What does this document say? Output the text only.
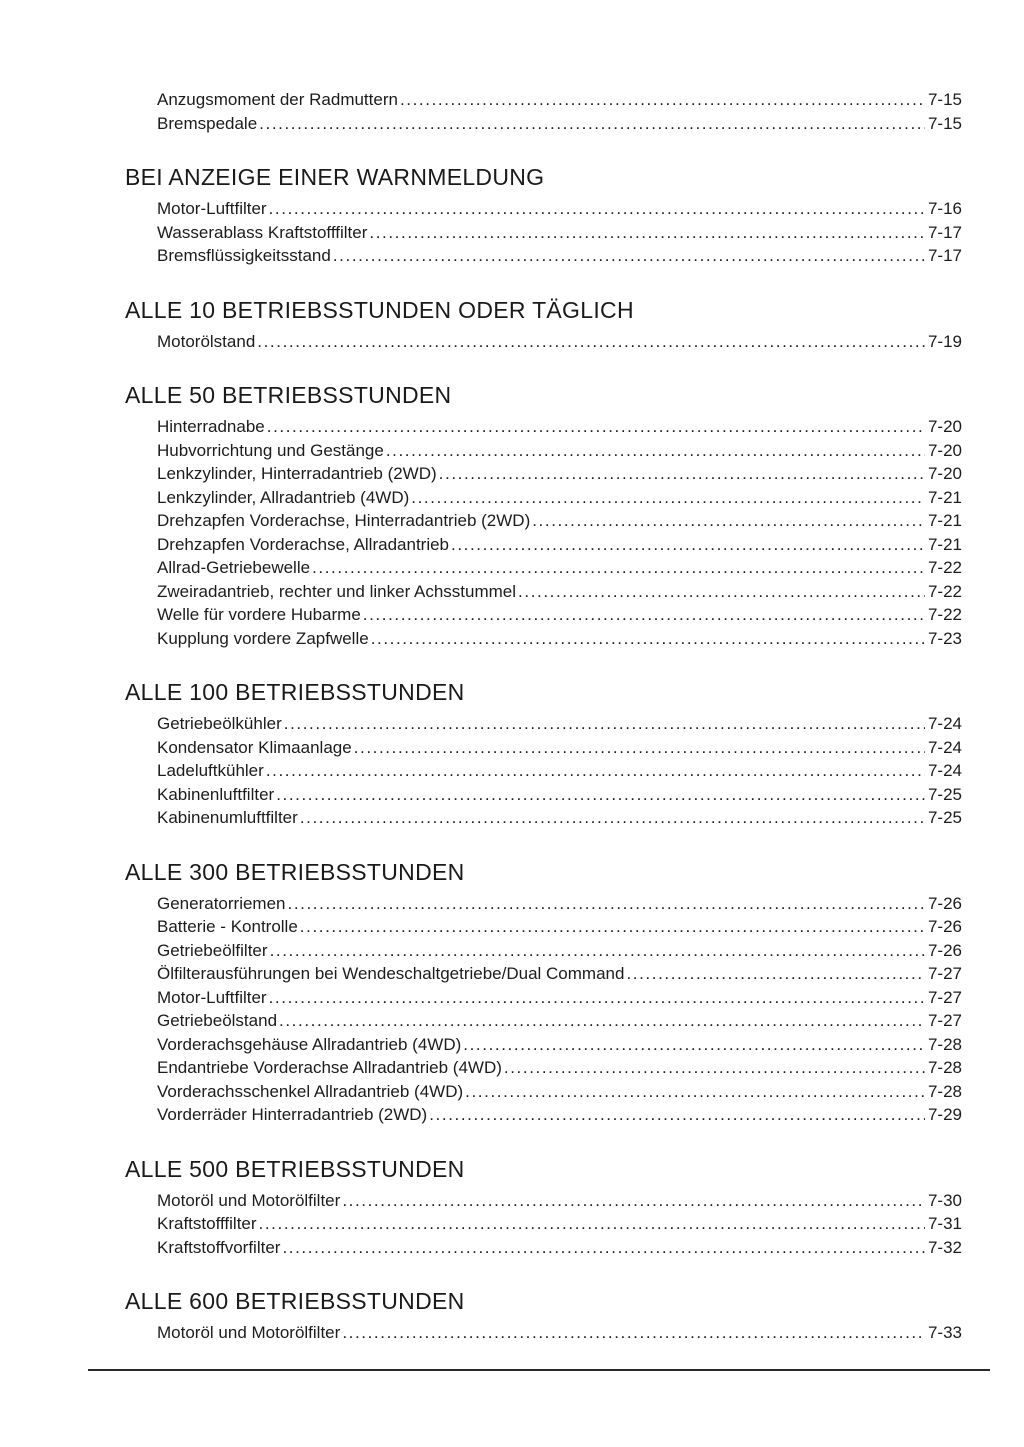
Anzugsmoment der Radmuttern .....	7-15
Bremspedale .....	7-15
BEI ANZEIGE EINER WARNMELDUNG
Motor-Luftfilter .....	7-16
Wasserablass Kraftstofffilter .....	7-17
Bremsflüssigkeitsstand .....	7-17
ALLE 10 BETRIEBSSTUNDEN ODER TÄGLICH
Motorölstand .....	7-19
ALLE 50 BETRIEBSSTUNDEN
Hinterradnabe .....	7-20
Hubvorrichtung und Gestänge .....	7-20
Lenkzylinder, Hinterradantrieb (2WD) .....	7-20
Lenkzylinder, Allradantrieb (4WD) .....	7-21
Drehzapfen Vorderachse, Hinterradantrieb (2WD) .....	7-21
Drehzapfen Vorderachse, Allradantrieb .....	7-21
Allrad-Getriebewelle .....	7-22
Zweiradantrieb, rechter und linker Achsstummel .....	7-22
Welle für vordere Hubarme .....	7-22
Kupplung vordere Zapfwelle .....	7-23
ALLE 100 BETRIEBSSTUNDEN
Getriebeölkühler .....	7-24
Kondensator Klimaanlage .....	7-24
Ladeluftkühler .....	7-24
Kabinenluftfilter .....	7-25
Kabinenumluftfilter .....	7-25
ALLE 300 BETRIEBSSTUNDEN
Generatorriemen .....	7-26
Batterie - Kontrolle .....	7-26
Getriebeölfilter .....	7-26
Ölfilterausführungen bei Wendeschaltgetriebe/Dual Command .....	7-27
Motor-Luftfilter .....	7-27
Getriebeölstand .....	7-27
Vorderachsgehäuse Allradantrieb (4WD) .....	7-28
Endantriebe Vorderachse Allradantrieb (4WD) .....	7-28
Vorderachsschenkel Allradantrieb (4WD) .....	7-28
Vorderräder Hinterradantrieb (2WD) .....	7-29
ALLE 500 BETRIEBSSTUNDEN
Motoröl und Motorölfilter .....	7-30
Kraftstofffilter .....	7-31
Kraftstoffvorfilter .....	7-32
ALLE 600 BETRIEBSSTUNDEN
Motoröl und Motorölfilter .....	7-33
